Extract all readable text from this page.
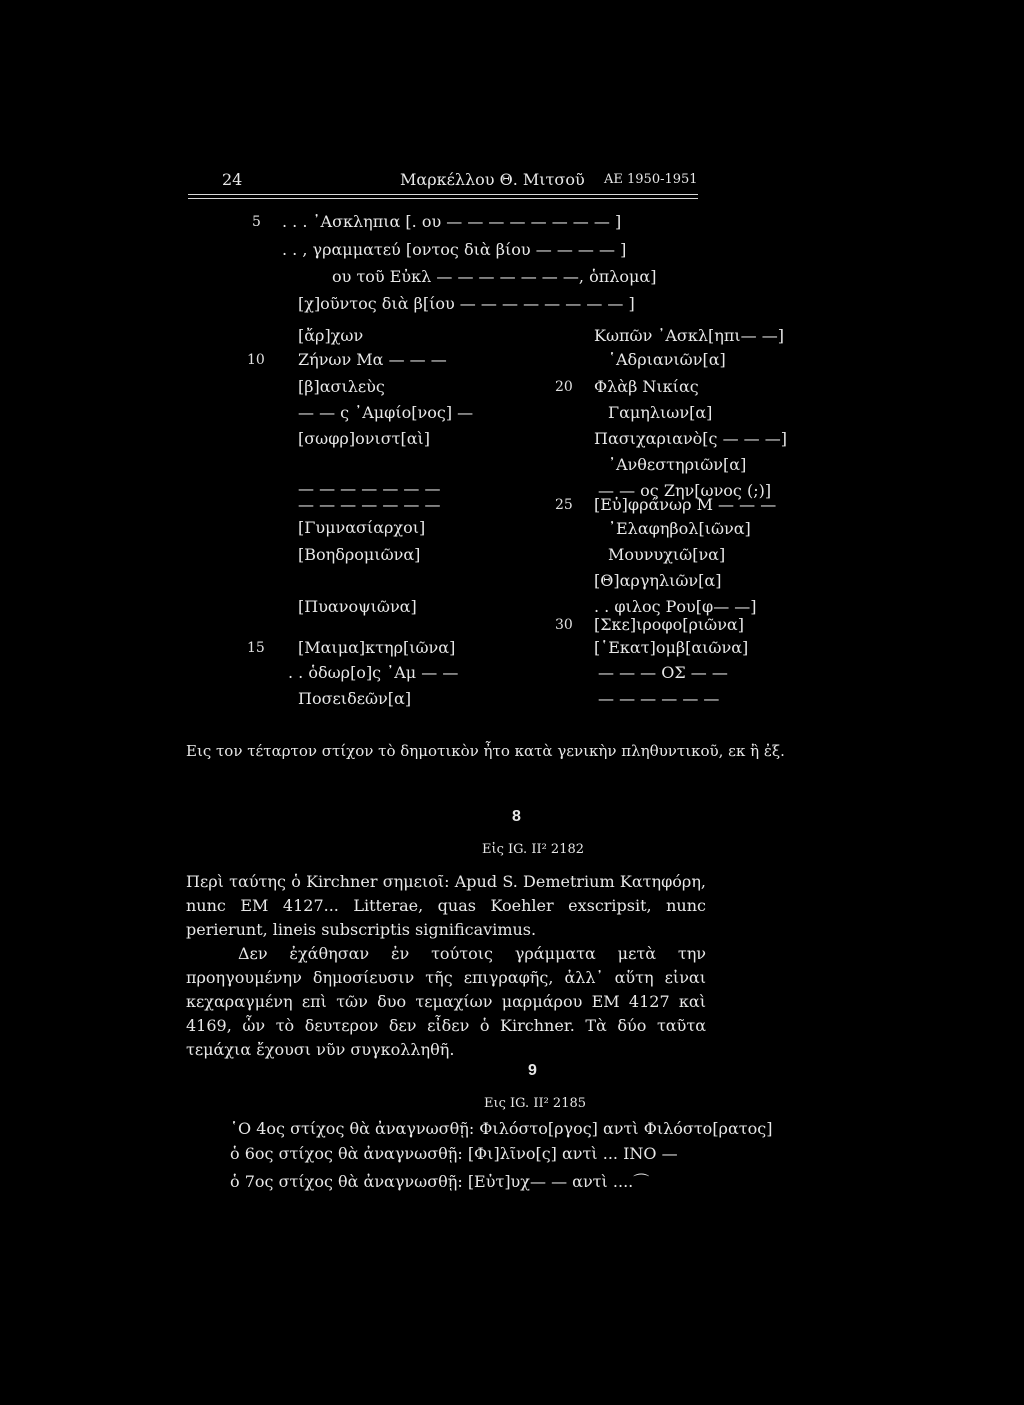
24	Μαρκέλλου Θ. Μιτσοῦ ΑΕ 1950-1951
5 . . . ᾿Ασκληπια [. ου — — — — — — — — ]
. . , γραμματεύ [οντος διὰ βίου — — — — ]
ου τοῦ Εὐκλ — — — — — — —, ὁπλομα]
[χ]οῦντος διὰ β[ίου — — — — — — — — ]
[ἄρ]χων
10 Ζήνων Μα — — —
[β]ασιλεὺς
— — ς ᾿Αμφίο[νος] —
[σωφρ]ονιστ[αὶ]
— — — — — — —
— — — — — — —
[Γυμνασίαρχοι]
[Βοηδρομιῶνα]
[Πυανοψιῶνα]
15 [Μαιμα]κτηρ[ιῶνα]
. . ὁδωρ[ο]ς ᾿Αμ — —
Ποσειδεῶν[α]
Κωπῶν ᾿Ασκλ[ηπι— —]
῾Αδριανιῶν[α]
20 Φλὰβ Νικίας
Γαμηλιων[α]
Πασιχαριανὸ[ς — — —]
᾿Ανθεστηριῶν[α]
— — ος Ζην[ωνος (;)]
25 [Εὐ]φράνωρ Μ — — —
᾿Ελαφηβολ[ιῶνα]
Μουνυχιῶ[να]
[Θ]αργηλιῶν[α]
. . φιλος Ρου[φ— —]
30 [Σκε]ιροφο[ριῶνα]
[῾Εκατ]ομβ[αιῶνα]
— — — ΟΣ — —
— — — — — —
Εις τον τέταρτον στίχον τὸ δημοτικὸν ἦτο κατὰ γενικὴν πληθυντικοῦ, εκ ἢ ἐξ.
8
Εἰς IG. II² 2182
Περὶ ταύτης ὁ Kirchner σημειοῖ: Apud S. Demetrium Κατηφόρη, nunc EM 4127... Litterae, quas Koehler exscripsit, nunc perierunt, lineis subscriptis significavimus.
Δεν ἐχάθησαν ἐν τούτοις γράμματα μετὰ την προηγουμένην δημοσίευσιν τῆς επιγραφῆς, ἀλλ᾿ αὕτη εἰναι κεχαραγμένη επὶ τῶν δυο τεμαχίων μαρμάρου ΕΜ 4127 καὶ 4169, ὧν τὸ δευτερον δεν εἶδεν ὁ Kirchner. Τὰ δύο ταῦτα τεμάχια ἔχουσι νῦν συγκολληθῆ.
9
Εις IG. II² 2185
῾Ο 4ος στίχος θὰ ἀναγνωσθῇ: Φιλόστο[ργος] αντὶ Φιλόστο[ρατος]
ὁ 6ος στίχος θὰ ἀναγνωσθῇ: [Φι]λῖνο[ς] αντὶ ... ΙΝΟ —
ὁ 7ος στίχος θὰ ἀναγνωσθῇ: [Εὐτ]υχ— — αντὶ ....⌒
